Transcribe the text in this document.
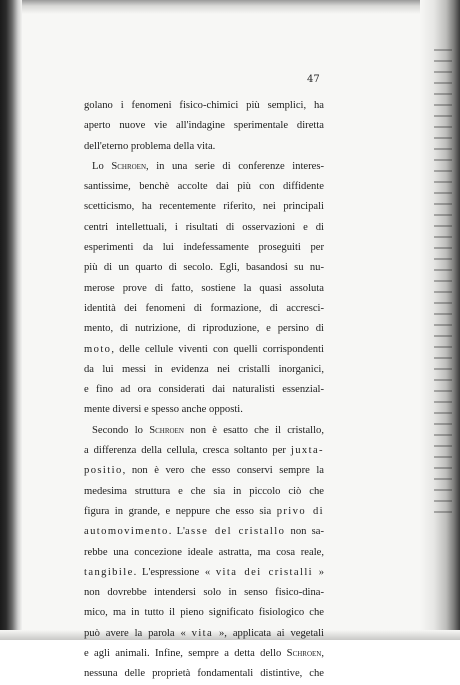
47
golano i fenomeni fisico-chimici più semplici, ha
aperto nuove vie all'indagine sperimentale diretta
dell'eterno problema della vita.
Lo Schroen, in una serie di conferenze interes-
santissime, benchè accolte dai più con diffidente
scetticismo, ha recentemente riferito, nei principali
centri intellettuali, i risultati di osservazioni e di
esperimenti da lui indefessamente proseguiti per
più di un quarto di secolo. Egli, basandosi su nu-
merose prove di fatto, sostiene la quasi assoluta
identità dei fenomeni di formazione, di accresci-
mento, di nutrizione, di riproduzione, e persino di
moto, delle cellule viventi con quelli corrispondenti
da lui messi in evidenza nei cristalli inorganici,
e fino ad ora considerati dai naturalisti essenzial-
mente diversi e spesso anche opposti.
Secondo lo Schroen non è esatto che il cristallo,
a differenza della cellula, cresca soltanto per juxta-
positio, non è vero che esso conservi sempre la
medesima struttura e che sia in piccolo ciò che
figura in grande, e neppure che esso sia privo di
automovimento. L'asse del cristallo non sa-
rebbe una concezione ideale astratta, ma cosa reale,
tangibile. L'espressione « vita dei cristalli »
non dovrebbe intendersi solo in senso fisico-dina-
mico, ma in tutto il pieno significato fisiologico che
può avere la parola « vita », applicata ai vegetali
e agli animali. Infine, sempre a detta dello Schroen,
nessuna delle proprietà fondamentali distintive, che
